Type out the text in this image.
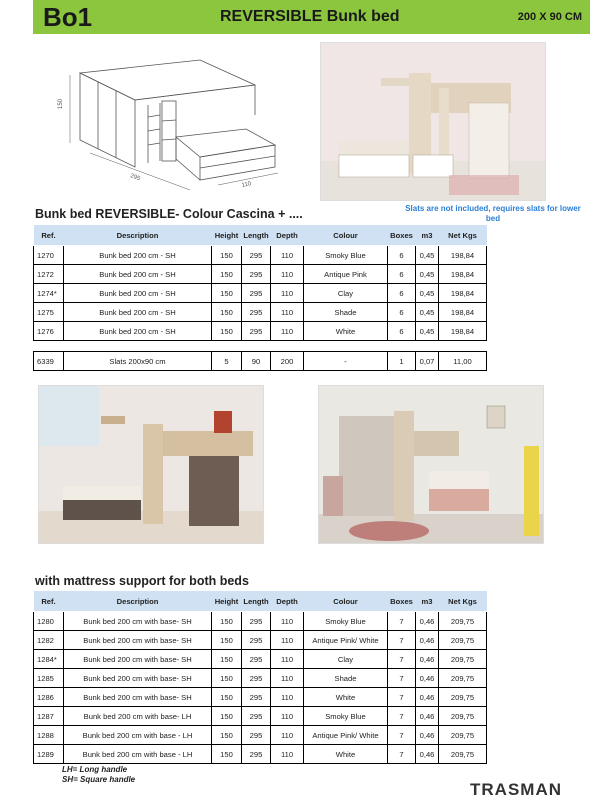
Bo1	REVERSIBLE Bunk bed	200 X 90 CM
150
295
110
Bunk bed REVERSIBLE- Colour Cascina + ....	Slats are not included, requires slats for lower bed
Ref.	Description	Height	Length	Depth	Colour	Boxes	m3	Net Kgs
1270	Bunk bed 200 cm - SH	150	295	110	Smoky Blue	6	0,45	198,84
1272	Bunk bed 200 cm - SH	150	295	110	Antique Pink	6	0,45	198,84
1274*	Bunk bed 200 cm - SH	150	295	110	Clay	6	0,45	198,84
1275	Bunk bed 200 cm - SH	150	295	110	Shade	6	0,45	198,84
1276	Bunk bed 200 cm - SH	150	295	110	White	6	0,45	198,84

6339	Slats 200x90 cm	5	90	200	-	1	0,07	11,00
with mattress support for both beds
Ref.	Description	Height	Length	Depth	Colour	Boxes	m3	Net Kgs
1280	Bunk bed 200 cm with base- SH	150	295	110	Smoky Blue	7	0,46	209,75
1282	Bunk bed 200 cm with base- SH	150	295	110	Antique Pink/ White	7	0,46	209,75
1284*	Bunk bed 200 cm with base- SH	150	295	110	Clay	7	0,46	209,75
1285	Bunk bed 200 cm with base- SH	150	295	110	Shade	7	0,46	209,75
1286	Bunk bed 200 cm with base- SH	150	295	110	White	7	0,46	209,75
1287	Bunk bed 200 cm with base- LH	150	295	110	Smoky Blue	7	0,46	209,75
1288	Bunk bed 200 cm with base - LH	150	295	110	Antique Pink/ White	7	0,46	209,75
1289	Bunk bed 200 cm with base - LH	150	295	110	White	7	0,46	209,75
LH= Long handle
SH= Square handle
TRASMAN
